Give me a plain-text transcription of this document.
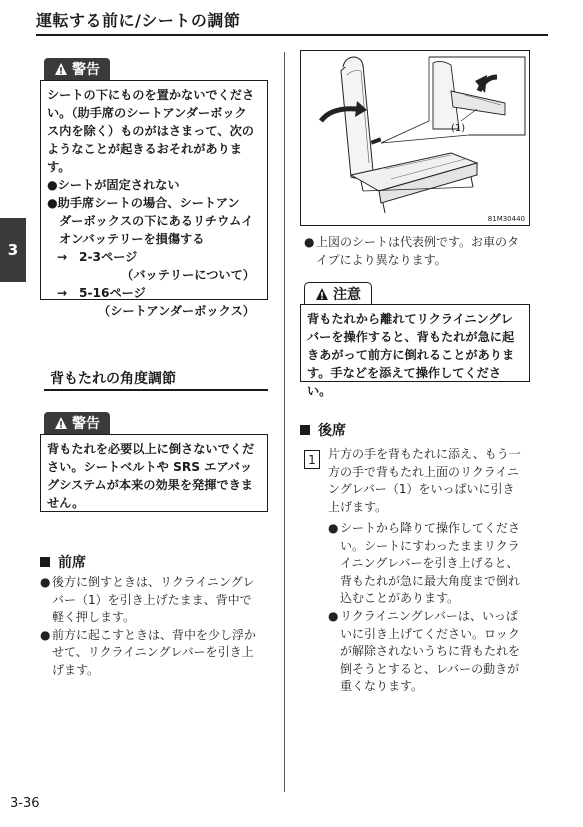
運転する前に/シートの調節
3
警告
シートの下にものを置かないでくださ
い。（助手席のシートアンダーボック
ス内を除く）ものがはさまって、次の
ようなことが起きるおそれがありま
す。
●シートが固定されない
●助手席シートの場合、シートアン
ダーボックスの下にあるリチウムイ
オンバッテリーを損傷する
→ 2-3ページ
（バッテリーについて）
→ 5-16ページ
（シートアンダーボックス）
背もたれの角度調節
警告
背もたれを必要以上に倒さないでくだ
さい。シートベルトや SRS エアバッ
グシステムが本来の効果を発揮できま
せん。
前席
● 後方に倒すときは、リクライニングレ
バー（1）を引き上げたまま、背中で
軽く押します。
● 前方に起こすときは、背中を少し浮か
せて、リクライニングレバーを引き上
げます。
(1)
81M30440
● 上図のシートは代表例です。お車のタ
イプにより異なります。
注意
背もたれから離れてリクライニングレ
バーを操作すると、背もたれが急に起
きあがって前方に倒れることがありま
す。手などを添えて操作してください。
後席
1	片方の手を背もたれに添え、もう一
方の手で背もたれ上面のリクライニ
ングレバー（1）をいっぱいに引き
上げます。
● シートから降りて操作してくださ
い。シートにすわったままリクラ
イニングレバーを引き上げると、
背もたれが急に最大角度まで倒れ
込むことがあります。
● リクライニングレバーは、いっぱ
いに引き上げてください。ロック
が解除されないうちに背もたれを
倒そうとすると、レバーの動きが
重くなります。
3-36
